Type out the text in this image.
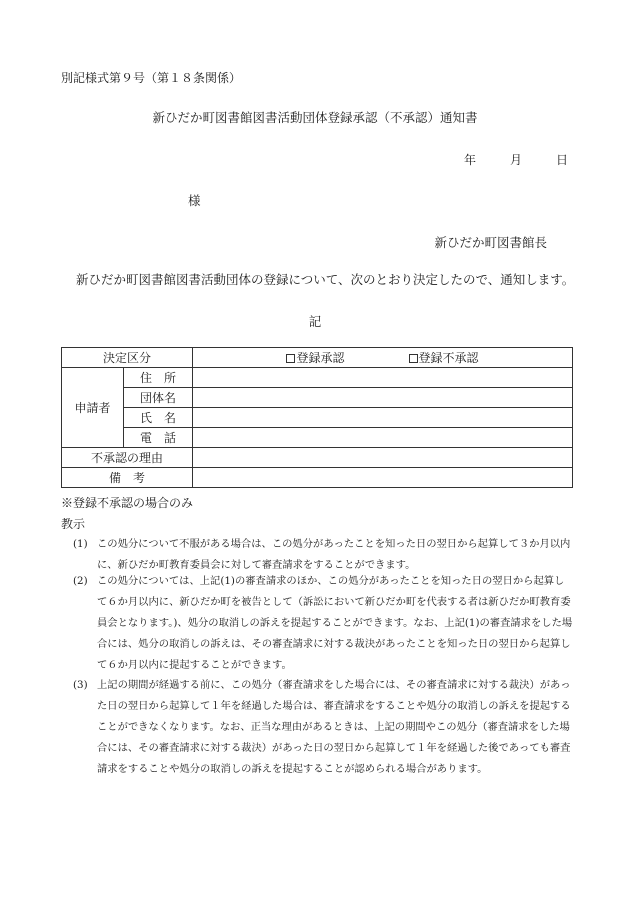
別記様式第９号（第１８条関係）
新ひだか町図書館図書活動団体登録承認（不承認）通知書
年	月	日
様
新ひだか町図書館長
新ひだか町図書館図書活動団体の登録について、次のとおり決定したので、通知します。
記
決定区分		登録承認 登録不承認

申請者	住　所	
	団体名	
	氏　名	
	電　話	
不承認の理由		
備　考		
※登録不承認の場合のみ
教示
(1) この処分について不服がある場合は、この処分があったことを知った日の翌日から起算して３か月以内に、新ひだか町教育委員会に対して審査請求をすることができます。
(2) この処分については、上記(1)の審査請求のほか、この処分があったことを知った日の翌日から起算して６か月以内に、新ひだか町を被告として（訴訟において新ひだか町を代表する者は新ひだか町教育委員会となります。)、処分の取消しの訴えを提起することができます。なお、上記(1)の審査請求をした場合には、処分の取消しの訴えは、その審査請求に対する裁決があったことを知った日の翌日から起算して６か月以内に提起することができます。
(3) 上記の期間が経過する前に、この処分（審査請求をした場合には、その審査請求に対する裁決）があった日の翌日から起算して１年を経過した場合は、審査請求をすることや処分の取消しの訴えを提起することができなくなります。なお、正当な理由があるときは、上記の期間やこの処分（審査請求をした場合には、その審査請求に対する裁決）があった日の翌日から起算して１年を経過した後であっても審査請求をすることや処分の取消しの訴えを提起することが認められる場合があります。
